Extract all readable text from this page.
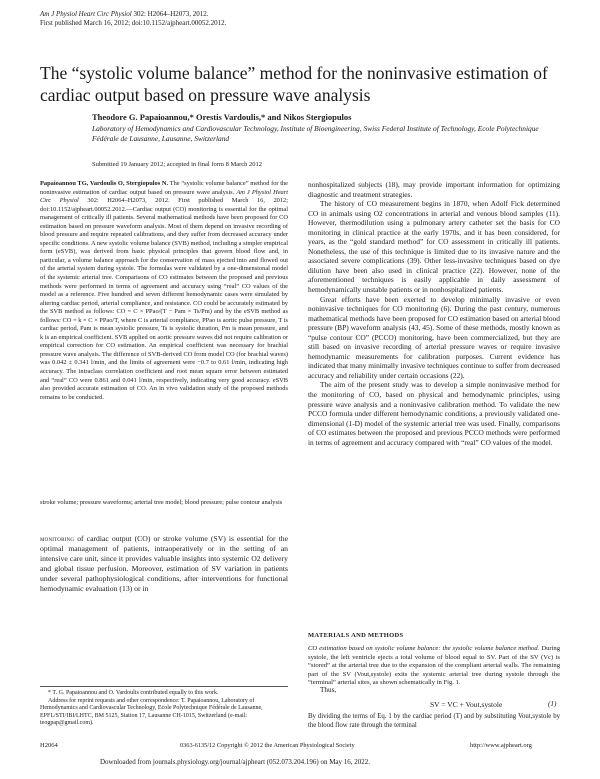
Am J Physiol Heart Circ Physiol 302: H2064–H2073, 2012.
First published March 16, 2012; doi:10.1152/ajpheart.00052.2012.
The “systolic volume balance” method for the noninvasive estimation of cardiac output based on pressure wave analysis
Theodore G. Papaioannou,* Orestis Vardoulis,* and Nikos Stergiopulos
Laboratory of Hemodynamics and Cardiovascular Technology, Institute of Bioengineering, Swiss Federal Institute of Technology, Ecole Polytechnique Fédérale de Lausanne, Lausanne, Switzerland
Submitted 19 January 2012; accepted in final form 8 March 2012
Papaioannou TG, Vardoulis O, Stergiopulos N. The “systolic volume balance” method for the noninvasive estimation of cardiac output based on pressure wave analysis. Am J Physiol Heart Circ Physiol 302: H2064–H2073, 2012. First published March 16, 2012; doi:10.1152/ajpheart.00052.2012.—Cardiac output (CO) monitoring is essential for the optimal management of critically ill patients. Several mathematical methods have been proposed for CO estimation based on pressure waveform analysis. Most of them depend on invasive recording of blood pressure and require repeated calibrations, and they suffer from decreased accuracy under specific conditions. A new systolic volume balance (SVB) method, including a simpler empirical form (eSVB), was derived from basic physical principles that govern blood flow and, in particular, a volume balance approach for the conservation of mass ejected into and flowed out of the arterial system during systole. The formulas were validated by a one-dimensional model of the systemic arterial tree. Comparisons of CO estimates between the proposed and previous methods were performed in terms of agreement and accuracy using “real” CO values of the model as a reference. Five hundred and seven different hemodynamic cases were simulated by altering cardiac period, arterial compliance, and resistance. CO could be accurately estimated by the SVB method as follows: CO = C × PPao/(T − Pam × Ts/Pm) and by the eSVB method as follows: CO = k × C × PPao/T, where C is arterial compliance, PPao is aortic pulse pressure, T is cardiac period, Pam is mean systolic pressure, Ts is systolic duration, Pm is mean pressure, and k is an empirical coefficient. SVB applied on aortic pressure waves did not require calibration or empirical correction for CO estimation. An empirical coefficient was necessary for brachial pressure wave analysis. The difference of SVB-derived CO from model CO (for brachial waves) was 0.042 ± 0.341 l/min, and the limits of agreement were −0.7 to 0.61 l/min, indicating high accuracy. The intraclass correlation coefficient and root mean square error between estimated and “real” CO were 0.861 and 0.041 l/min, respectively, indicating very good accuracy. eSVB also provided accurate estimation of CO. An in vivo validation study of the proposed methods remains to be conducted.
stroke volume; pressure waveforms; arterial tree model; blood pressure; pulse contour analysis
monitoring of cardiac output (CO) or stroke volume (SV) is essential for the optimal management of patients, intraoperatively or in the setting of an intensive care unit, since it provides valuable insights into systemic O2 delivery and global tissue perfusion. Moreover, estimation of SV variation in patients under several pathophysiological conditions, after interventions for functional hemodynamic evaluation (13) or in

* T. G. Papaioannou and O. Vardoulis contributed equally to this work.

Address for reprint requests and other correspondence: T. Papaioannou, Laboratory of Hemodynamics and Cardiovascular Technology, Ecole Polytechnique Fédérale de Lausanne, EPFL/STI/IBI/LHTC, BM 5125, Station 17, Lausanne CH-1015, Switzerland (e-mail: teogpap@gmail.com).

nonhospitalized subjects (18), may provide important information for optimizing diagnostic and treatment strategies.

The history of CO measurement begins in 1870, when Adolf Fick determined CO in animals using O2 concentrations in arterial and venous blood samples (11). However, thermodilution using a pulmonary artery catheter set the basis for CO monitoring in clinical practice at the early 1970s, and it has been considered, for years, as the “gold standard method” for CO assessment in critically ill patients. Nonetheless, the use of this technique is limited due to its invasive nature and the associated severe complications (39). Other less-invasive techniques based on dye dilution have been also used in clinical practice (22). However, none of the aforementioned techniques is easily applicable in daily assessment of hemodynamically unstable patients or in nonhospitalized patients.

Great efforts have been exerted to develop minimally invasive or even noninvasive techniques for CO monitoring (6). During the past century, numerous mathematical methods have been proposed for CO estimation based on arterial blood pressure (BP) waveform analysis (43, 45). Some of these methods, mostly known as “pulse contour CO” (PCCO) monitoring, have been commercialized, but they are still based on invasive recording of arterial pressure waves or require invasive hemodynamic measurements for calibration purposes. Current evidence has indicated that many minimally invasive techniques continue to suffer from decreased accuracy and reliability under certain occasions (22).

The aim of the present study was to develop a simple noninvasive method for the monitoring of CO, based on physical and hemodynamic principles, using pressure wave analysis and a noninvasive calibration method. To validate the new PCCO formula under different hemodynamic conditions, a previously validated one-dimensional (1-D) model of the systemic arterial tree was used. Finally, comparisons of CO estimates between the proposed and previous PCCO methods were performed in terms of agreement and accuracy compared with “real” CO values of the model.

MATERIALS AND METHODS
CO estimation based on systolic volume balance: the systolic volume balance method. During systole, the left ventricle ejects a total volume of blood equal to SV. Part of the SV (Vc) is “stored” at the arterial tree due to the expansion of the compliant arterial walls. The remaining part of the SV (Vout,systole) exits the systemic arterial tree during systole through the “terminal” arterial sites, as shown schematically in Fig. 1.
Thus,
SV = VC + Vout,systole	(1)
By dividing the terms of Eq. 1 by the cardiac period (T) and by substituting Vout,systole by the blood flow rate through the terminal
H2064	0363-6135/12 Copyright © 2012 the American Physiological Society	http://www.ajpheart.org
Downloaded from journals.physiology.org/journal/ajpheart (052.073.204.196) on May 16, 2022.
